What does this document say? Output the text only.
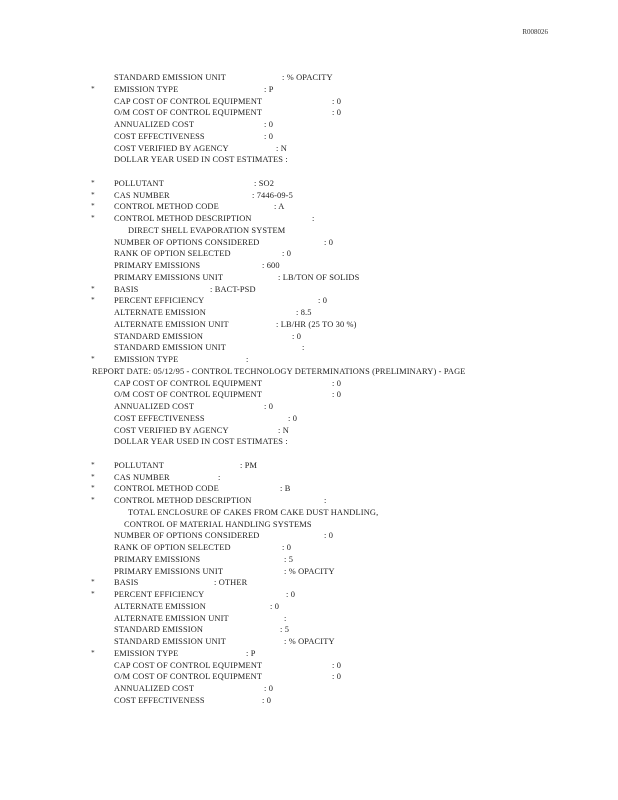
R008026
STANDARD EMISSION UNIT	: % OPACITY
*	EMISSION TYPE	: P
CAP COST OF CONTROL EQUIPMENT	: 0
O/M COST OF CONTROL EQUIPMENT	: 0
ANNUALIZED COST	: 0
COST EFFECTIVENESS	: 0
COST VERIFIED BY AGENCY	: N
DOLLAR YEAR USED IN COST ESTIMATES :
*	POLLUTANT	: SO2
*	CAS NUMBER	: 7446-09-5
*	CONTROL METHOD CODE	: A
*	CONTROL METHOD DESCRIPTION	:
DIRECT SHELL EVAPORATION SYSTEM
NUMBER OF OPTIONS CONSIDERED	: 0
RANK OF OPTION SELECTED	: 0
PRIMARY EMISSIONS	: 600
PRIMARY EMISSIONS UNIT	: LB/TON OF SOLIDS
*	BASIS	: BACT-PSD
*	PERCENT EFFICIENCY	: 0
ALTERNATE EMISSION	: 8.5
ALTERNATE EMISSION UNIT	: LB/HR (25 TO 30 %)
STANDARD EMISSION	: 0
STANDARD EMISSION UNIT	:
*	EMISSION TYPE	:
REPORT DATE: 05/12/95 - CONTROL TECHNOLOGY DETERMINATIONS (PRELIMINARY) - PAGE
CAP COST OF CONTROL EQUIPMENT	: 0
O/M COST OF CONTROL EQUIPMENT	: 0
ANNUALIZED COST	: 0
COST EFFECTIVENESS	: 0
COST VERIFIED BY AGENCY	: N
DOLLAR YEAR USED IN COST ESTIMATES :
*	POLLUTANT	: PM
*	CAS NUMBER	:
*	CONTROL METHOD CODE	: B
*	CONTROL METHOD DESCRIPTION	:
TOTAL ENCLOSURE OF CAKES FROM CAKE DUST HANDLING,
CONTROL OF MATERIAL HANDLING SYSTEMS
NUMBER OF OPTIONS CONSIDERED	: 0
RANK OF OPTION SELECTED	: 0
PRIMARY EMISSIONS	: 5
PRIMARY EMISSIONS UNIT	: % OPACITY
*	BASIS	: OTHER
*	PERCENT EFFICIENCY	: 0
ALTERNATE EMISSION	: 0
ALTERNATE EMISSION UNIT	:
STANDARD EMISSION	: 5
STANDARD EMISSION UNIT	: % OPACITY
*	EMISSION TYPE	: P
CAP COST OF CONTROL EQUIPMENT	: 0
O/M COST OF CONTROL EQUIPMENT	: 0
ANNUALIZED COST	: 0
COST EFFECTIVENESS	: 0
